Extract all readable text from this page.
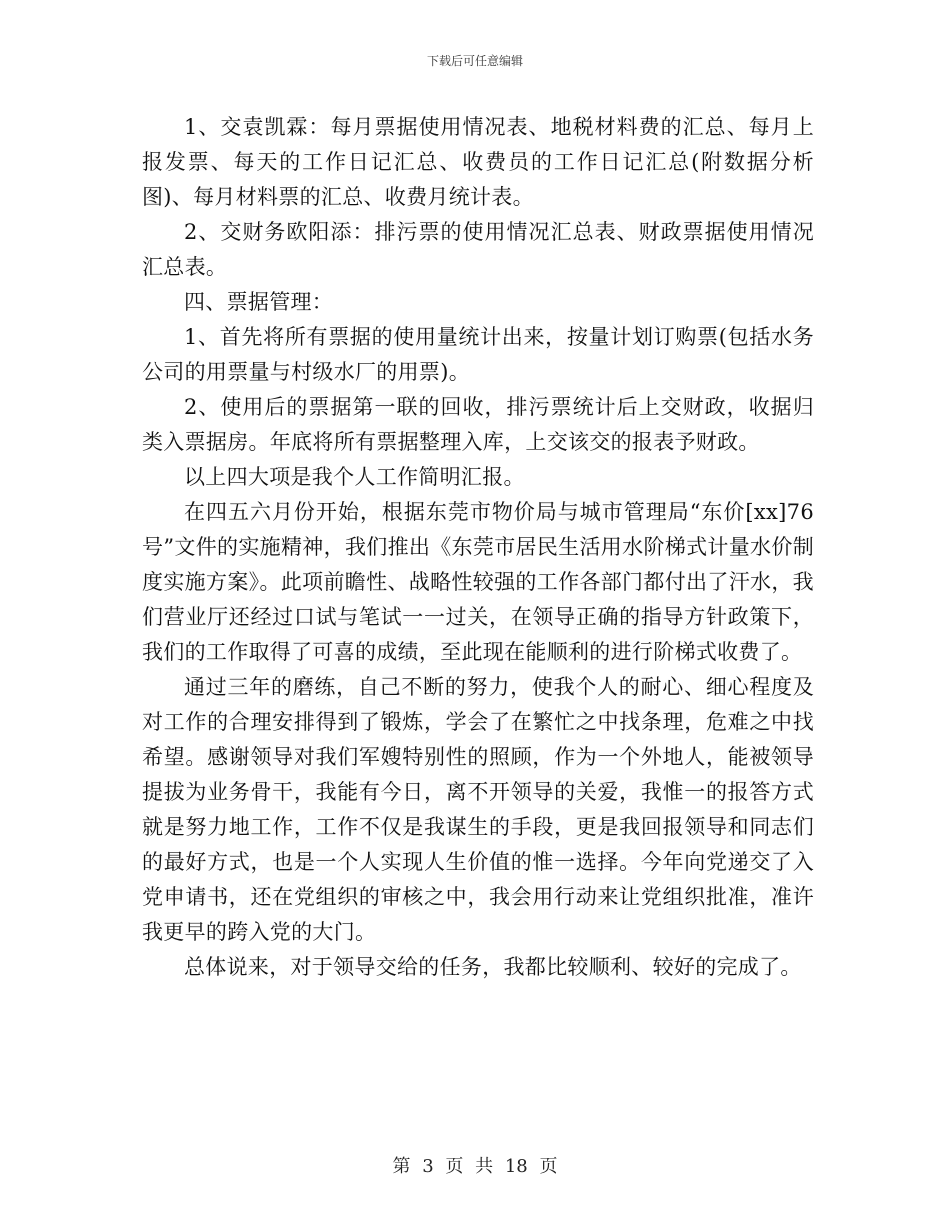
下载后可任意编辑

1、交袁凯霖：每月票据使用情况表、地税材料费的汇总、每月上报发票、每天的工作日记汇总、收费员的工作日记汇总(附数据分析图)、每月材料票的汇总、收费月统计表。

2、交财务欧阳添：排污票的使用情况汇总表、财政票据使用情况汇总表。

四、票据管理：

1、首先将所有票据的使用量统计出来，按量计划订购票(包括水务公司的用票量与村级水厂的用票)。

2、使用后的票据第一联的回收，排污票统计后上交财政，收据归类入票据房。年底将所有票据整理入库，上交该交的报表予财政。

以上四大项是我个人工作简明汇报。

在四五六月份开始，根据东莞市物价局与城市管理局“东价[xx]76号”文件的实施精神，我们推出《东莞市居民生活用水阶梯式计量水价制度实施方案》。此项前瞻性、战略性较强的工作各部门都付出了汗水，我们营业厅还经过口试与笔试一一过关，在领导正确的指导方针政策下，我们的工作取得了可喜的成绩，至此现在能顺利的进行阶梯式收费了。

通过三年的磨练，自己不断的努力，使我个人的耐心、细心程度及对工作的合理安排得到了锻炼，学会了在繁忙之中找条理，危难之中找希望。感谢领导对我们军嫂特别性的照顾，作为一个外地人，能被领导提拔为业务骨干，我能有今日，离不开领导的关爱，我惟一的报答方式就是努力地工作，工作不仅是我谋生的手段，更是我回报领导和同志们的最好方式，也是一个人实现人生价值的惟一选择。今年向党递交了入党申请书，还在党组织的审核之中，我会用行动来让党组织批准，准许我更早的跨入党的大门。

总体说来，对于领导交给的任务，我都比较顺利、较好的完成了。

第 3 页 共 18 页
